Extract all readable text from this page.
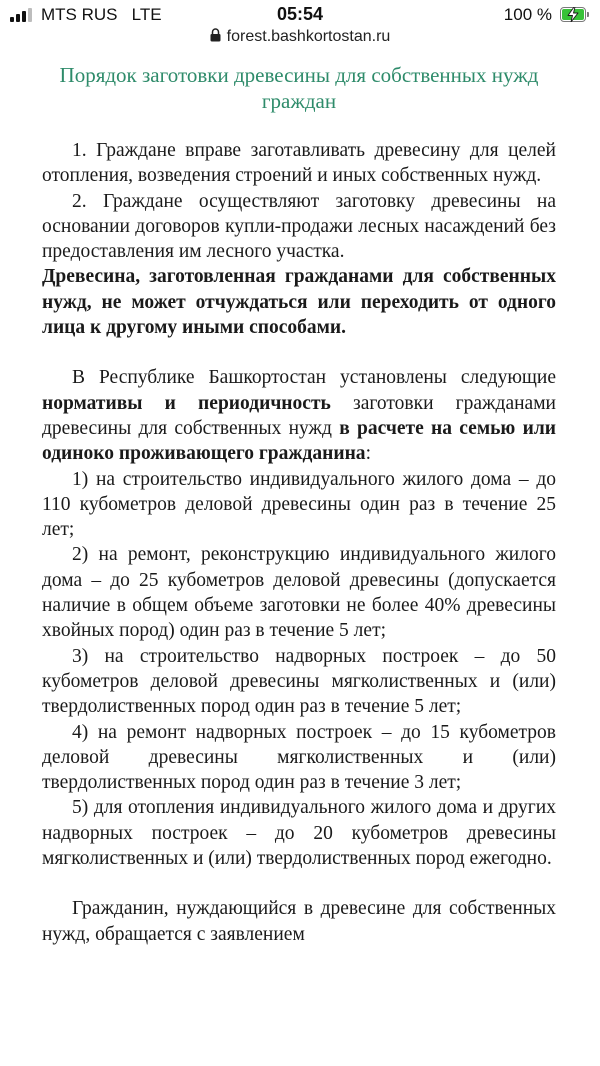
MTS RUS LTE	05:54	100 %
forest.bashkortostan.ru
Порядок заготовки древесины для собственных нужд граждан

1. Граждане вправе заготавливать древесину для целей отопления, возведения строений и иных собственных нужд.

2. Граждане осуществляют заготовку древесины на основании договоров купли-продажи лесных насаждений без предоставления им лесного участка.

Древесина, заготовленная гражданами для собственных нужд, не может отчуждаться или переходить от одного лица к другому иными способами.

В Республике Башкортостан установлены следующие нормативы и периодичность заготовки гражданами древесины для собственных нужд в расчете на семью или одиноко проживающего гражданина:

1) на строительство индивидуального жилого дома – до 110 кубометров деловой древесины один раз в течение 25 лет;

2) на ремонт, реконструкцию индивидуального жилого дома – до 25 кубометров деловой древесины (допускается наличие в общем объеме заготовки не более 40% древесины хвойных пород) один раз в течение 5 лет;

3) на строительство надворных построек – до 50 кубометров деловой древесины мягколиственных и (или) твердолиственных пород один раз в течение 5 лет;

4) на ремонт надворных построек – до 15 кубометров деловой древесины мягколиственных и (или) твердолиственных пород один раз в течение 3 лет;

5) для отопления индивидуального жилого дома и других надворных построек – до 20 кубометров древесины мягколиственных и (или) твердолиственных пород ежегодно.

Гражданин, нуждающийся в древесине для собственных нужд, обращается с заявлением
